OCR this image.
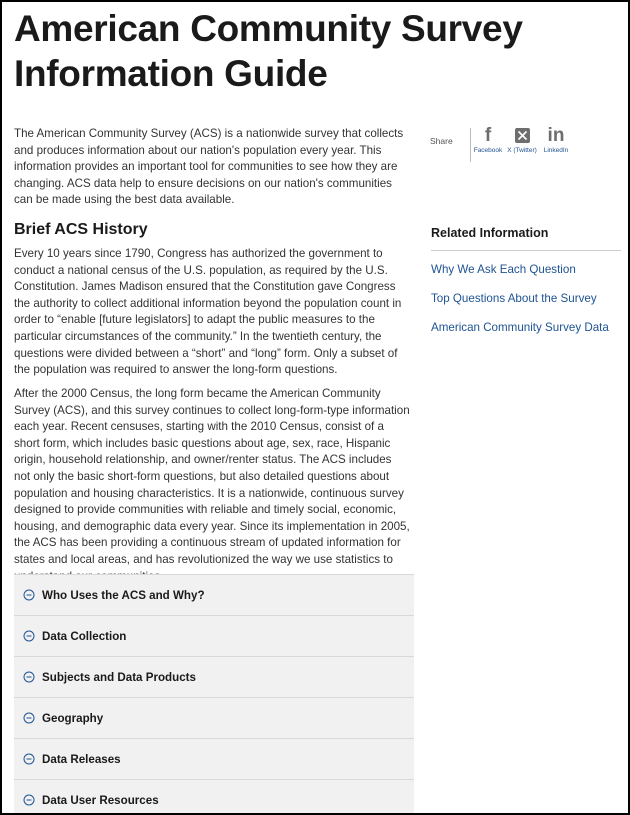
American Community Survey Information Guide

The American Community Survey (ACS) is a nationwide survey that collects and produces information about our nation's population every year. This information provides an important tool for communities to see how they are changing. ACS data help to ensure decisions on our nation's communities can be made using the best data available.

Share	f
Facebook X (Twitter)
in
LinkedIn
Brief ACS History

Every 10 years since 1790, Congress has authorized the government to conduct a national census of the U.S. population, as required by the U.S. Constitution. James Madison ensured that the Constitution gave Congress the authority to collect additional information beyond the population count in order to “enable [future legislators] to adapt the public measures to the particular circumstances of the community.” In the twentieth century, the questions were divided between a “short” and “long” form. Only a subset of the population was required to answer the long-form questions.

After the 2000 Census, the long form became the American Community Survey (ACS), and this survey continues to collect long-form-type information each year. Recent censuses, starting with the 2010 Census, consist of a short form, which includes basic questions about age, sex, race, Hispanic origin, household relationship, and owner/renter status. The ACS includes not only the basic short-form questions, but also detailed questions about population and housing characteristics. It is a nationwide, continuous survey designed to provide communities with reliable and timely social, economic, housing, and demographic data every year. Since its implementation in 2005, the ACS has been providing a continuous stream of updated information for states and local areas, and has revolutionized the way we use statistics to

Related Information
Why We Ask Each Question
Top Questions About the Survey
American Community Survey Data
Who Uses the ACS and Why?
Data Collection
Subjects and Data Products
Geography
Data Releases
Data User Resources
